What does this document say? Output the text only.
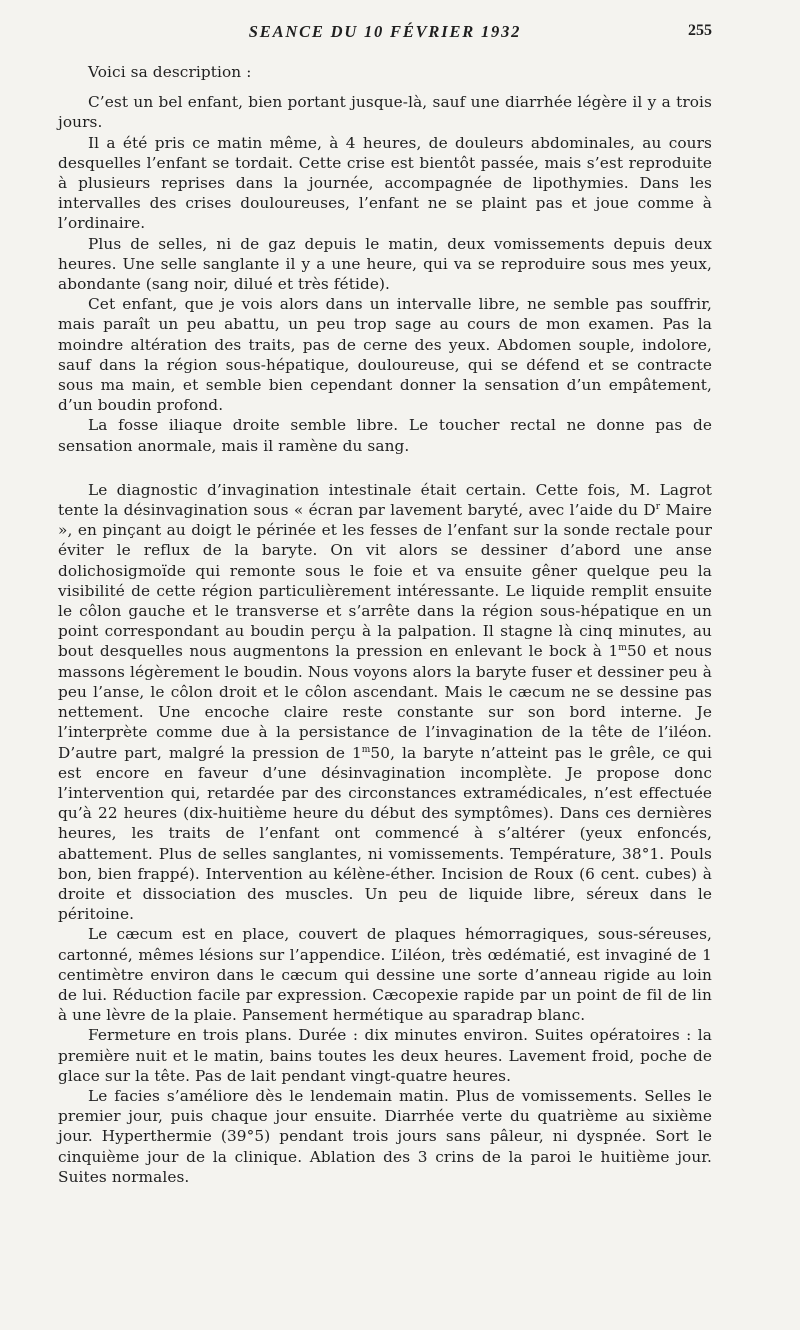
SEANCE DU 10 FÉVRIER 1932	255

Voici sa description :

C’est un bel enfant, bien portant jusque-là, sauf une diarrhée légère il y a trois jours.

Il a été pris ce matin même, à 4 heures, de douleurs abdominales, au cours desquelles l’enfant se tordait. Cette crise est bientôt passée, mais s’est reproduite à plusieurs reprises dans la journée, accompagnée de lipothymies. Dans les intervalles des crises douloureuses, l’enfant ne se plaint pas et joue comme à l’ordinaire.

Plus de selles, ni de gaz depuis le matin, deux vomissements depuis deux heures. Une selle sanglante il y a une heure, qui va se reproduire sous mes yeux, abondante (sang noir, dilué et très fétide).

Cet enfant, que je vois alors dans un intervalle libre, ne semble pas souffrir, mais paraît un peu abattu, un peu trop sage au cours de mon examen. Pas la moindre altération des traits, pas de cerne des yeux. Abdomen souple, indolore, sauf dans la région sous-hépatique, douloureuse, qui se défend et se contracte sous ma main, et semble bien cependant donner la sensation d’un empâtement, d’un boudin profond.

La fosse iliaque droite semble libre. Le toucher rectal ne donne pas de sensation anormale, mais il ramène du sang.

Le diagnostic d’invagination intestinale était certain. Cette fois, M. Lagrot tente la désinvagination sous « écran par lavement baryté, avec l’aide du $D^r$ Maire », en pinçant au doigt le périnée et les fesses de l’enfant sur la sonde rectale pour éviter le reflux de la baryte. On vit alors se dessiner d’abord une anse dolichosigmoïde qui remonte sous le foie et va ensuite gêner quelque peu la visibilité de cette région particulièrement intéressante. Le liquide remplit ensuite le côlon gauche et le transverse et s’arrête dans la région sous-hépatique en un point correspondant au boudin perçu à la palpation. Il stagne là cinq minutes, au bout desquelles nous augmentons la pression en enlevant le bock à 1$^m$50 et nous massons légèrement le boudin. Nous voyons alors la baryte fuser et dessiner peu à peu l’anse, le côlon droit et le côlon ascendant. Mais le cæcum ne se dessine pas nettement. Une encoche claire reste constante sur son bord interne. Je l’interprète comme due à la persistance de l’invagination de la tête de l’iléon. D’autre part, malgré la pression de 1$^m$50, la baryte n’atteint pas le grêle, ce qui est encore en faveur d’une désinvagination incomplète. Je propose donc l’intervention qui, retardée par des circonstances extramédicales, n’est effectuée qu’à 22 heures (dix-huitième heure du début des symptômes). Dans ces dernières heures, les traits de l’enfant ont commencé à s’altérer (yeux enfoncés, abattement. Plus de selles sanglantes, ni vomissements. Température, 38°1. Pouls bon, bien frappé). Intervention au kélène-éther. Incision de Roux (6 cent. cubes) à droite et dissociation des muscles. Un peu de liquide libre, séreux dans le péritoine.

Le cæcum est en place, couvert de plaques hémorragiques, sous-séreuses, cartonné, mêmes lésions sur l’appendice. L’iléon, très œdématié, est invaginé de 1 centimètre environ dans le cæcum qui dessine une sorte d’anneau rigide au loin de lui. Réduction facile par expression. Cæcopexie rapide par un point de fil de lin à une lèvre de la plaie. Pansement hermétique au sparadrap blanc.

Fermeture en trois plans. Durée : dix minutes environ. Suites opératoires : la première nuit et le matin, bains toutes les deux heures. Lavement froid, poche de glace sur la tête. Pas de lait pendant vingt-quatre heures.

Le facies s’améliore dès le lendemain matin. Plus de vomissements. Selles le premier jour, puis chaque jour ensuite. Diarrhée verte du quatrième au sixième jour. Hyperthermie (39°5) pendant trois jours sans pâleur, ni dyspnée. Sort le cinquième jour de la clinique. Ablation des 3 crins de la paroi le huitième jour. Suites normales.
